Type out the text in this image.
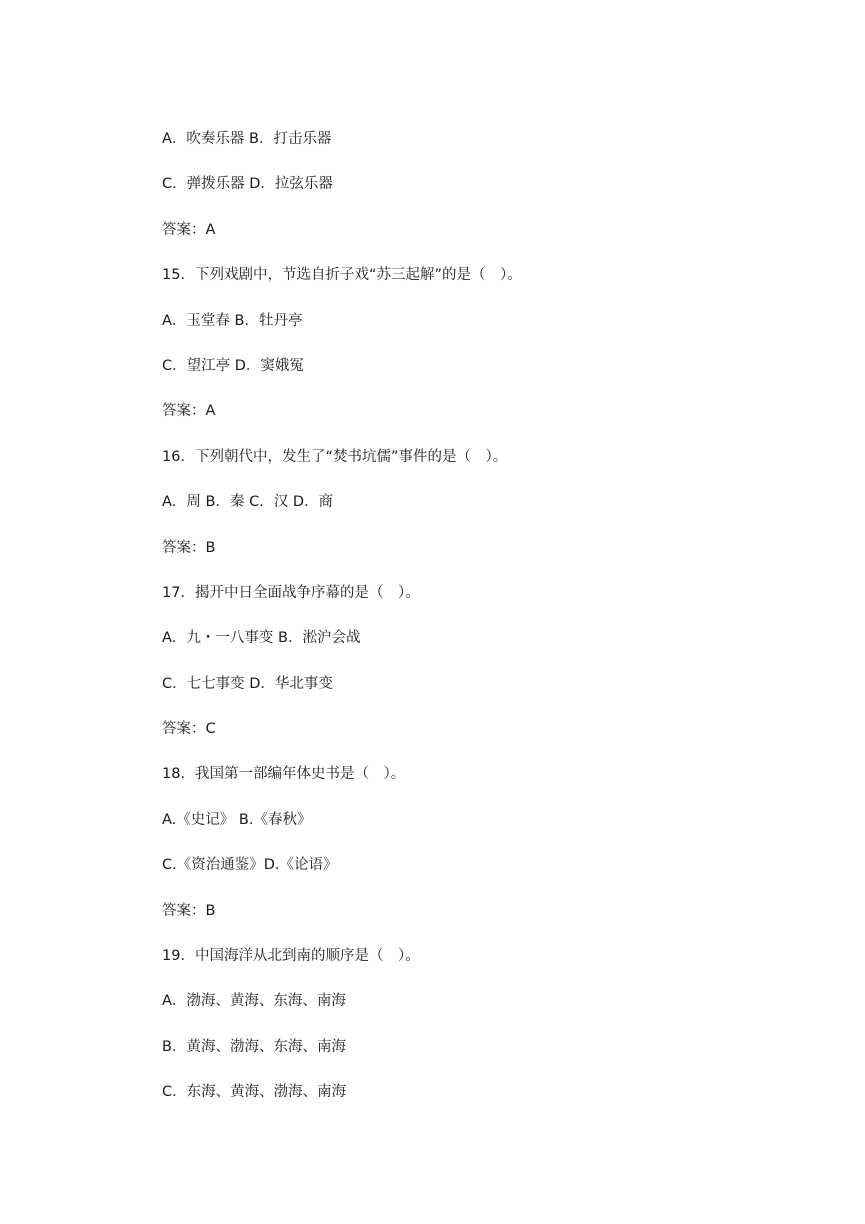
A．吹奏乐器 B．打击乐器
C．弹拨乐器 D．拉弦乐器
答案：A
15．下列戏剧中，节选自折子戏“苏三起解”的是（　）。
A．玉堂春 B．牡丹亭
C．望江亭 D．窦娥冤
答案：A
16．下列朝代中，发生了“焚书坑儒”事件的是（　）。
A．周 B．秦 C．汉 D．商
答案：B
17．揭开中日全面战争序幕的是（　）。
A．九・一八事变 B．淞沪会战
C．七七事变 D．华北事变
答案：C
18．我国第一部编年体史书是（　）。
A.《史记》 B.《春秋》
C.《资治通鉴》D.《论语》
答案：B
19．中国海洋从北到南的顺序是（　）。
A．渤海、黄海、东海、南海
B．黄海、渤海、东海、南海
C．东海、黄海、渤海、南海
